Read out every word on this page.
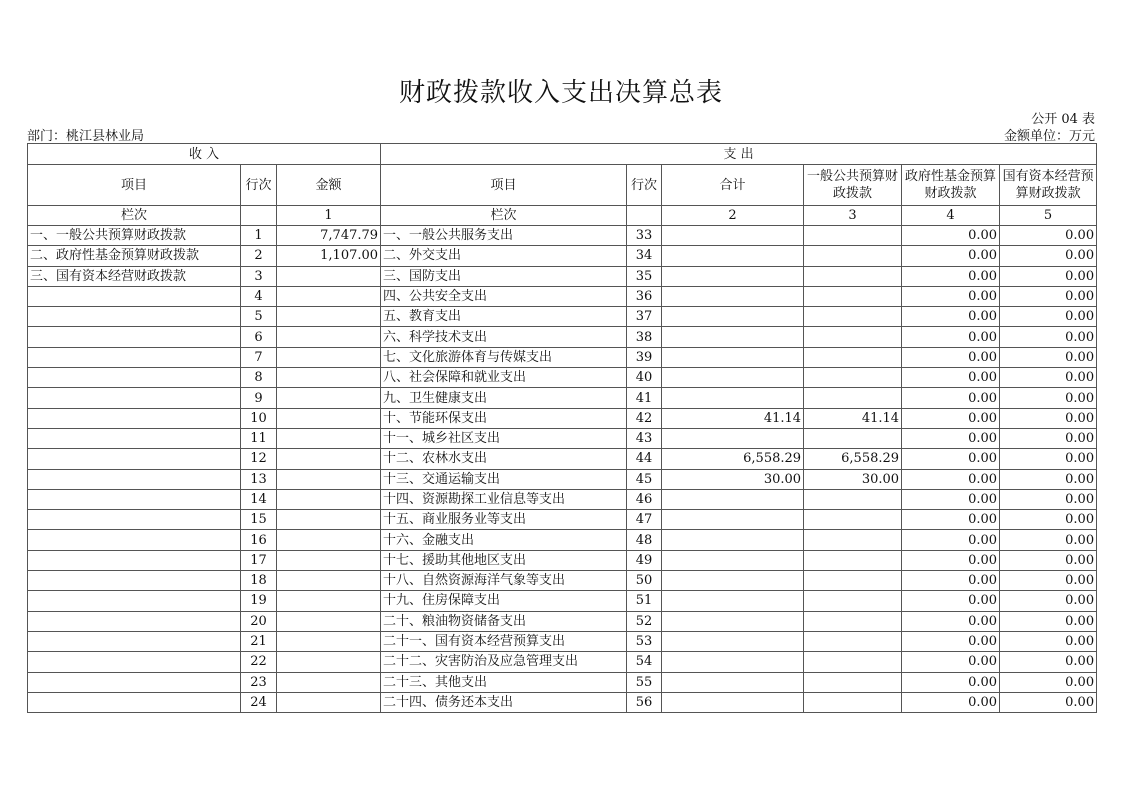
财政拨款收入支出决算总表
公开 04 表
部门：桃江县林业局	金额单位：万元
收 入			支 出					
项目	行次	金额	项目	行次	合计	一般公共预算财政拨款	政府性基金预算财政拨款	国有资本经营预算财政拨款
栏次		1	栏次		2	3	4	5
一、一般公共预算财政拨款	1	7,747.79	一、一般公共服务支出	33			0.00	0.00
二、政府性基金预算财政拨款	2	1,107.00	二、外交支出	34			0.00	0.00
三、国有资本经营财政拨款	3		三、国防支出	35			0.00	0.00
	4		四、公共安全支出	36			0.00	0.00
	5		五、教育支出	37			0.00	0.00
	6		六、科学技术支出	38			0.00	0.00
	7		七、文化旅游体育与传媒支出	39			0.00	0.00
	8		八、社会保障和就业支出	40			0.00	0.00
	9		九、卫生健康支出	41			0.00	0.00
	10		十、节能环保支出	42	41.14	41.14	0.00	0.00
	11		十一、城乡社区支出	43			0.00	0.00
	12		十二、农林水支出	44	6,558.29	6,558.29	0.00	0.00
	13		十三、交通运输支出	45	30.00	30.00	0.00	0.00
	14		十四、资源勘探工业信息等支出	46			0.00	0.00
	15		十五、商业服务业等支出	47			0.00	0.00
	16		十六、金融支出	48			0.00	0.00
	17		十七、援助其他地区支出	49			0.00	0.00
	18		十八、自然资源海洋气象等支出	50			0.00	0.00
	19		十九、住房保障支出	51			0.00	0.00
	20		二十、粮油物资储备支出	52			0.00	0.00
	21		二十一、国有资本经营预算支出	53			0.00	0.00
	22		二十二、灾害防治及应急管理支出	54			0.00	0.00
	23		二十三、其他支出	55			0.00	0.00
	24		二十四、债务还本支出	56			0.00	0.00
